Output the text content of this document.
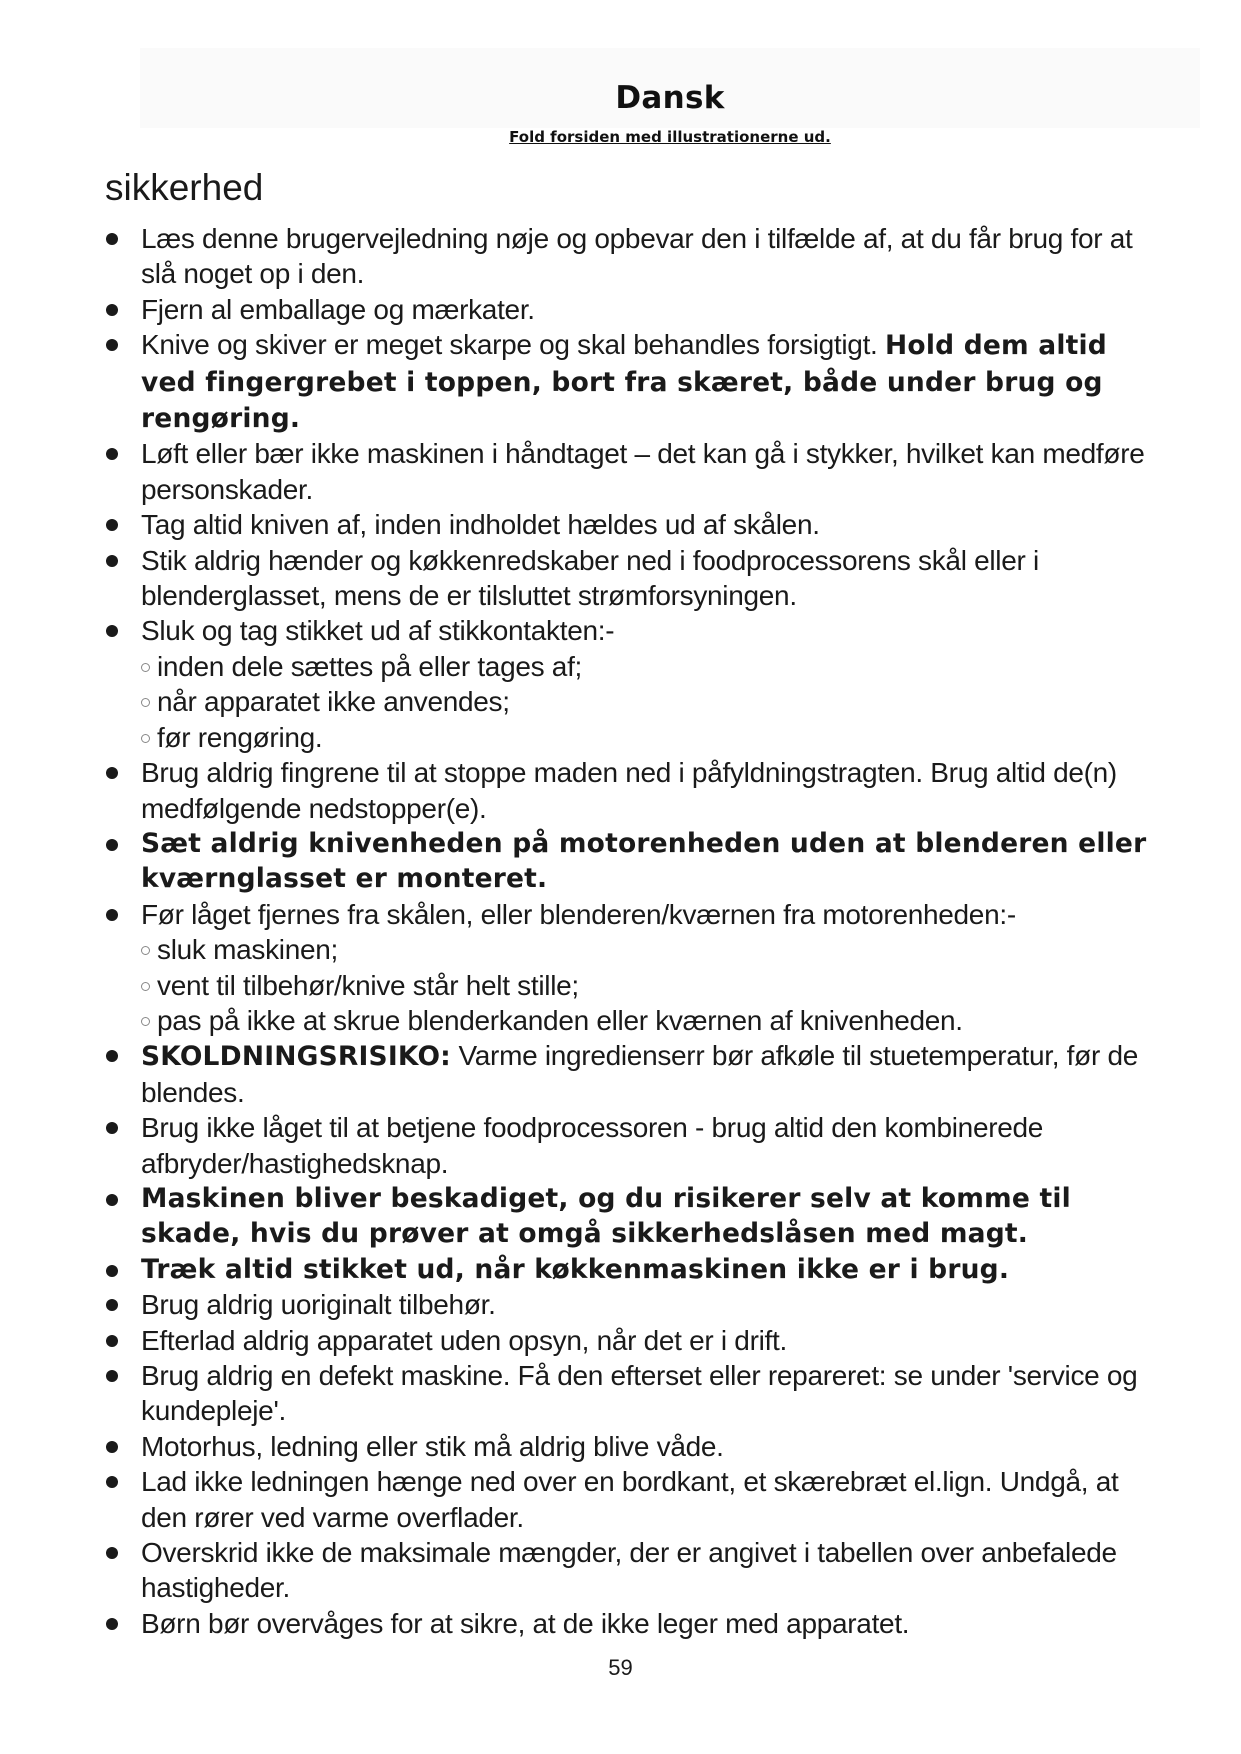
Dansk
Fold forsiden med illustrationerne ud.
sikkerhed
Læs denne brugervejledning nøje og opbevar den i tilfælde af, at du får brug for at slå noget op i den.
Fjern al emballage og mærkater.
Knive og skiver er meget skarpe og skal behandles forsigtigt. Hold dem altid ved fingergrebet i toppen, bort fra skæret, både under brug og rengøring.
Løft eller bær ikke maskinen i håndtaget – det kan gå i stykker, hvilket kan medføre personskader.
Tag altid kniven af, inden indholdet hældes ud af skålen.
Stik aldrig hænder og køkkenredskaber ned i foodprocessorens skål eller i blenderglasset, mens de er tilsluttet strømforsyningen.
Sluk og tag stikket ud af stikkontakten:-
inden dele sættes på eller tages af;
når apparatet ikke anvendes;
før rengøring.
Brug aldrig fingrene til at stoppe maden ned i påfyldningstragten. Brug altid de(n) medfølgende nedstopper(e).
Sæt aldrig knivenheden på motorenheden uden at blenderen eller kværnglasset er monteret.
Før låget fjernes fra skålen, eller blenderen/kværnen fra motorenheden:-
sluk maskinen;
vent til tilbehør/knive står helt stille;
pas på ikke at skrue blenderkanden eller kværnen af knivenheden.
SKOLDNINGSRISIKO: Varme ingredienserr bør afkøle til stuetemperatur, før de blendes.
Brug ikke låget til at betjene foodprocessoren - brug altid den kombinerede afbryder/hastighedsknap.
Maskinen bliver beskadiget, og du risikerer selv at komme til skade, hvis du prøver at omgå sikkerhedslåsen med magt.
Træk altid stikket ud, når køkkenmaskinen ikke er i brug.
Brug aldrig uoriginalt tilbehør.
Efterlad aldrig apparatet uden opsyn, når det er i drift.
Brug aldrig en defekt maskine. Få den efterset eller repareret: se under 'service og kundepleje'.
Motorhus, ledning eller stik må aldrig blive våde.
Lad ikke ledningen hænge ned over en bordkant, et skærebræt el.lign. Undgå, at den rører ved varme overflader.
Overskrid ikke de maksimale mængder, der er angivet i tabellen over anbefalede hastigheder.
Børn bør overvåges for at sikre, at de ikke leger med apparatet.
59
